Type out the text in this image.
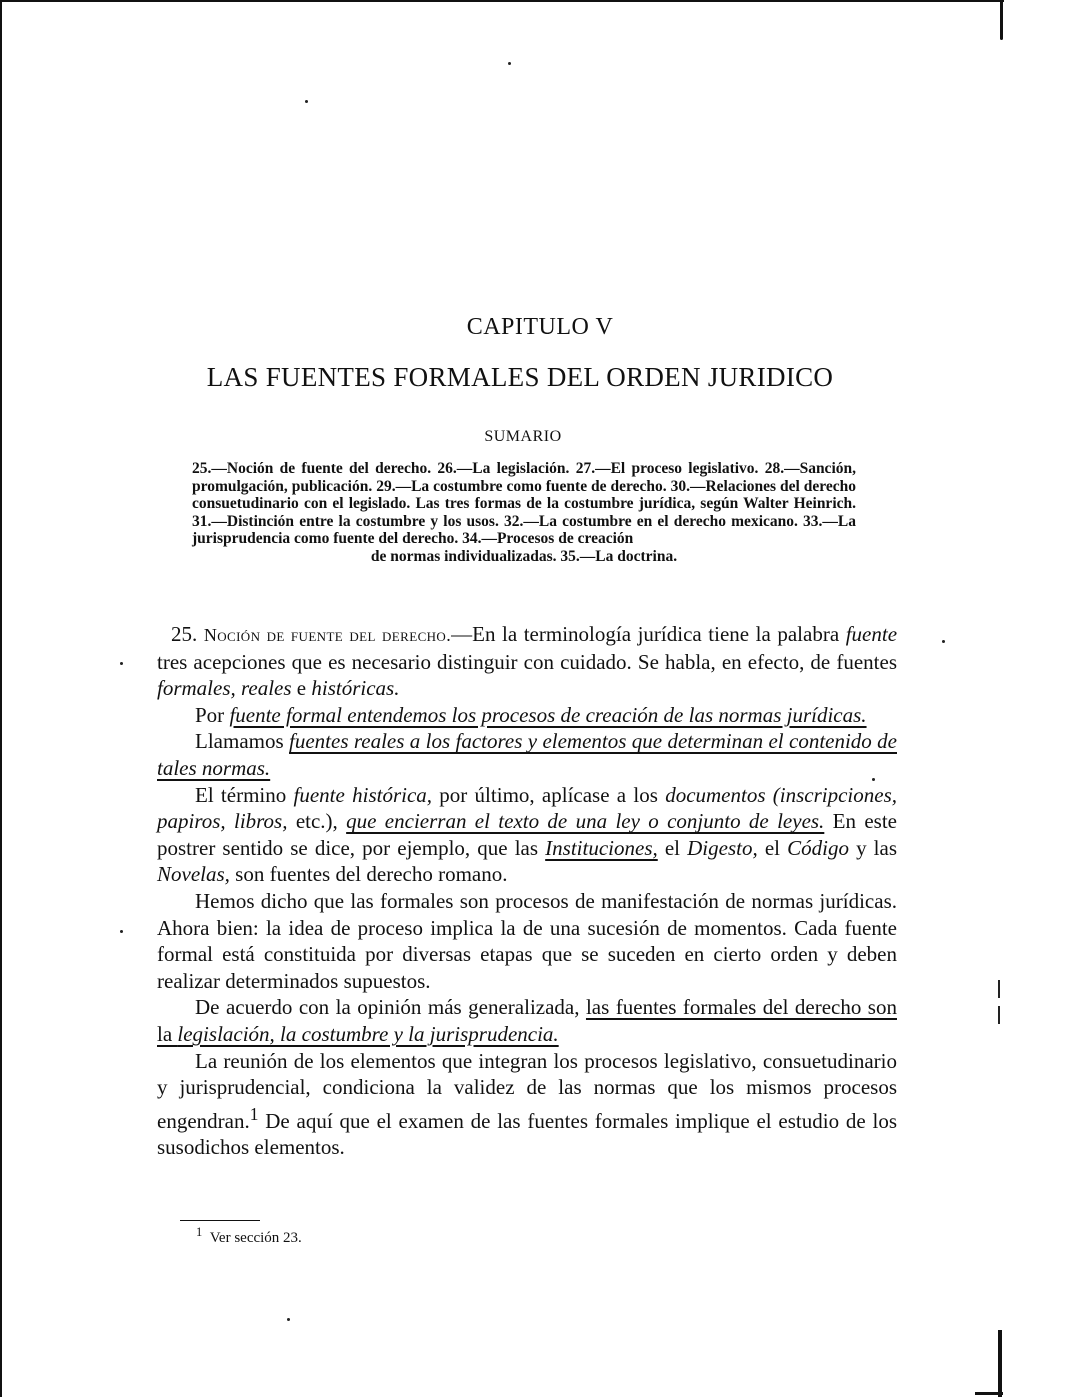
CAPITULO V
LAS FUENTES FORMALES DEL ORDEN JURIDICO
SUMARIO
25.—Noción de fuente del derecho. 26.—La legislación. 27.—El proceso legislativo. 28.—Sanción, promulgación, publicación. 29.—La costumbre como fuente de derecho. 30.—Relaciones del derecho consuetudinario con el legislado. Las tres formas de la costumbre jurídica, según Walter Heinrich. 31.—Distinción entre la costumbre y los usos. 32.—La costumbre en el derecho mexicano. 33.—La jurisprudencia como fuente del derecho. 34.—Procesos de creación
de normas individualizadas. 35.—La doctrina.

25. Noción de fuente del derecho.—En la terminología jurídica tiene la palabra fuente tres acepciones que es necesario distinguir con cuidado. Se habla, en efecto, de fuentes formales, reales e históricas.

Por fuente formal entendemos los procesos de creación de las normas jurídicas.

Llamamos fuentes reales a los factores y elementos que determinan el contenido de tales normas.

El término fuente histórica, por último, aplícase a los documentos (inscripciones, papiros, libros, etc.), que encierran el texto de una ley o conjunto de leyes. En este postrer sentido se dice, por ejemplo, que las Instituciones, el Digesto, el Código y las Novelas, son fuentes del derecho romano.

Hemos dicho que las formales son procesos de manifestación de normas jurídicas. Ahora bien: la idea de proceso implica la de una sucesión de momentos. Cada fuente formal está constituida por diversas etapas que se suceden en cierto orden y deben realizar determinados supuestos.

De acuerdo con la opinión más generalizada, las fuentes formales del derecho son la legislación, la costumbre y la jurisprudencia.

La reunión de los elementos que integran los procesos legislativo, consuetudinario y jurisprudencial, condiciona la validez de las normas que los mismos procesos engendran.$^1$ De aquí que el examen de las fuentes formales implique el estudio de los susodichos elementos.

$^1$ Ver sección 23.
